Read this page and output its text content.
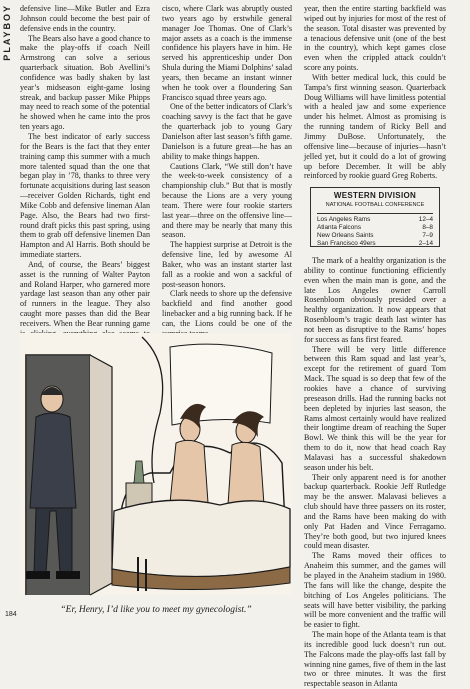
PLAYBOY defensive line—Mike Butler and Ezra Johnson could become the best pair of defensive ends in the country.

The Bears also have a good chance to make the play-offs if coach Neill Armstrong can solve a serious quarterback situation. Bob Avellini’s confidence was badly shaken by last year’s midseason eight-game losing streak, and backup passer Mike Phipps may need to reach some of the potential he showed when he came into the pros ten years ago.

The best indicator of early success for the Bears is the fact that they enter training camp this summer with a much more talented squad than the one that began play in ’78, thanks to three very fortunate acquisitions during last season—receiver Golden Richards, tight end Mike Cobb and defensive lineman Alan Page. Also, the Bears had two first-round draft picks this past spring, using them to grab off defensive linemen Dan Hampton and Al Harris. Both should be immediate starters.

And, of course, the Bears’ biggest asset is the running of Walter Payton and Roland Harper, who garnered more yardage last season than any other pair of runners in the league. They also caught more passes than did the Bear receivers. When the Bear running game

cisco, where Clark was abruptly ousted two years ago by erstwhile general manager Joe Thomas. One of Clark’s major assets as a coach is the immense confidence his players have in him. He served his apprenticeship under Don Shula during the Miami Dolphins’ salad years, then became an instant winner when he took over a floundering San Francisco squad three years ago.

One of the better indicators of Clark’s coaching savvy is the fact that he gave the quarterback job to young Gary Danielson after last season’s fifth game. Danielson is a future great—he has an ability to make things happen.

Cautions Clark, “We still don’t have the week-to-week consistency of a championship club.” But that is mostly because the Lions are a very young team. There were four rookie starters last year—three on the offensive line—and there may be nearly that many this season.

The happiest surprise at Detroit is the defensive line, led by awesome Al Baker, who was an instant starter last fall as a rookie and won a sackful of post-season honors.

Clark needs to shore up the defensive backfield and find another good linebacker and a big running back. If he can, the Lions could be one of the

year, then the entire starting backfield was wiped out by injuries for most of the rest of the season. Total disaster was prevented by a tenacious defensive unit (one of the best in the country), which kept games close even when the crippled attack couldn’t score any points.

With better medical luck, this could be Tampa’s first winning season. Quarterback Doug Williams will have limitless potential with a healed jaw and some experience under his helmet. Almost as promising is the running tandem of Ricky Bell and Jimmy DuBose. Unfortunately, the offensive line—because of injuries—hasn’t jelled yet, but it could do a lot of growing up before December. It will be ably reinforced by rookie guard Greg Roberts.

WESTERN DIVISION
NATIONAL FOOTBALL CONFERENCE
Los Angeles Rams	12–4
Atlanta Falcons	8–8
New Orleans Saints	7–9
San Francisco 49ers	2–14

The mark of a healthy organization is the ability to continue functioning efficiently even when the main man is gone, and the late Los Angeles owner Carroll Rosenbloom obviously presided over a healthy organization. It now appears that Rosenbloom’s tragic death last winter has not been as disruptive to the Rams’ hopes for success as fans first feared.

There will be very little difference between this Ram squad and last year’s, except for the retirement of guard Tom Mack. The squad is so deep that few of the rookies have a chance of surviving preseason drills. Had the running backs not been depleted by injuries last season, the Rams almost certainly would have realized their longtime dream of reaching the Super Bowl. We think this will be the year for them to do it, now that head coach Ray Malavasi has a successful shakedown season under his belt.

Their only apparent need is for another backup quarterback. Rookie Jeff Rutledge may be the answer. Malavasi believes a club should have three passers on its roster, and the Rams have been making do with only Pat Haden and Vince Ferragamo. They’re both good, but two injured knees could mean disaster.

The Rams moved their offices to Anaheim this summer, and the games will be played in the Anaheim stadium in 1980. The fans will like the change, despite the bitching of Los Angeles politicians. The seats will have better visibility, the parking will be more convenient and the traffic will be easier to fight.

The main hope of the Atlanta team is that its incredible good luck doesn’t run out. The Falcons made the play-offs last fall by winning nine games, five of them in the last two or three minutes. It was the first respectable season in Atlanta

“Er, Henry, I’d like you to meet my gynecologist.”
184
